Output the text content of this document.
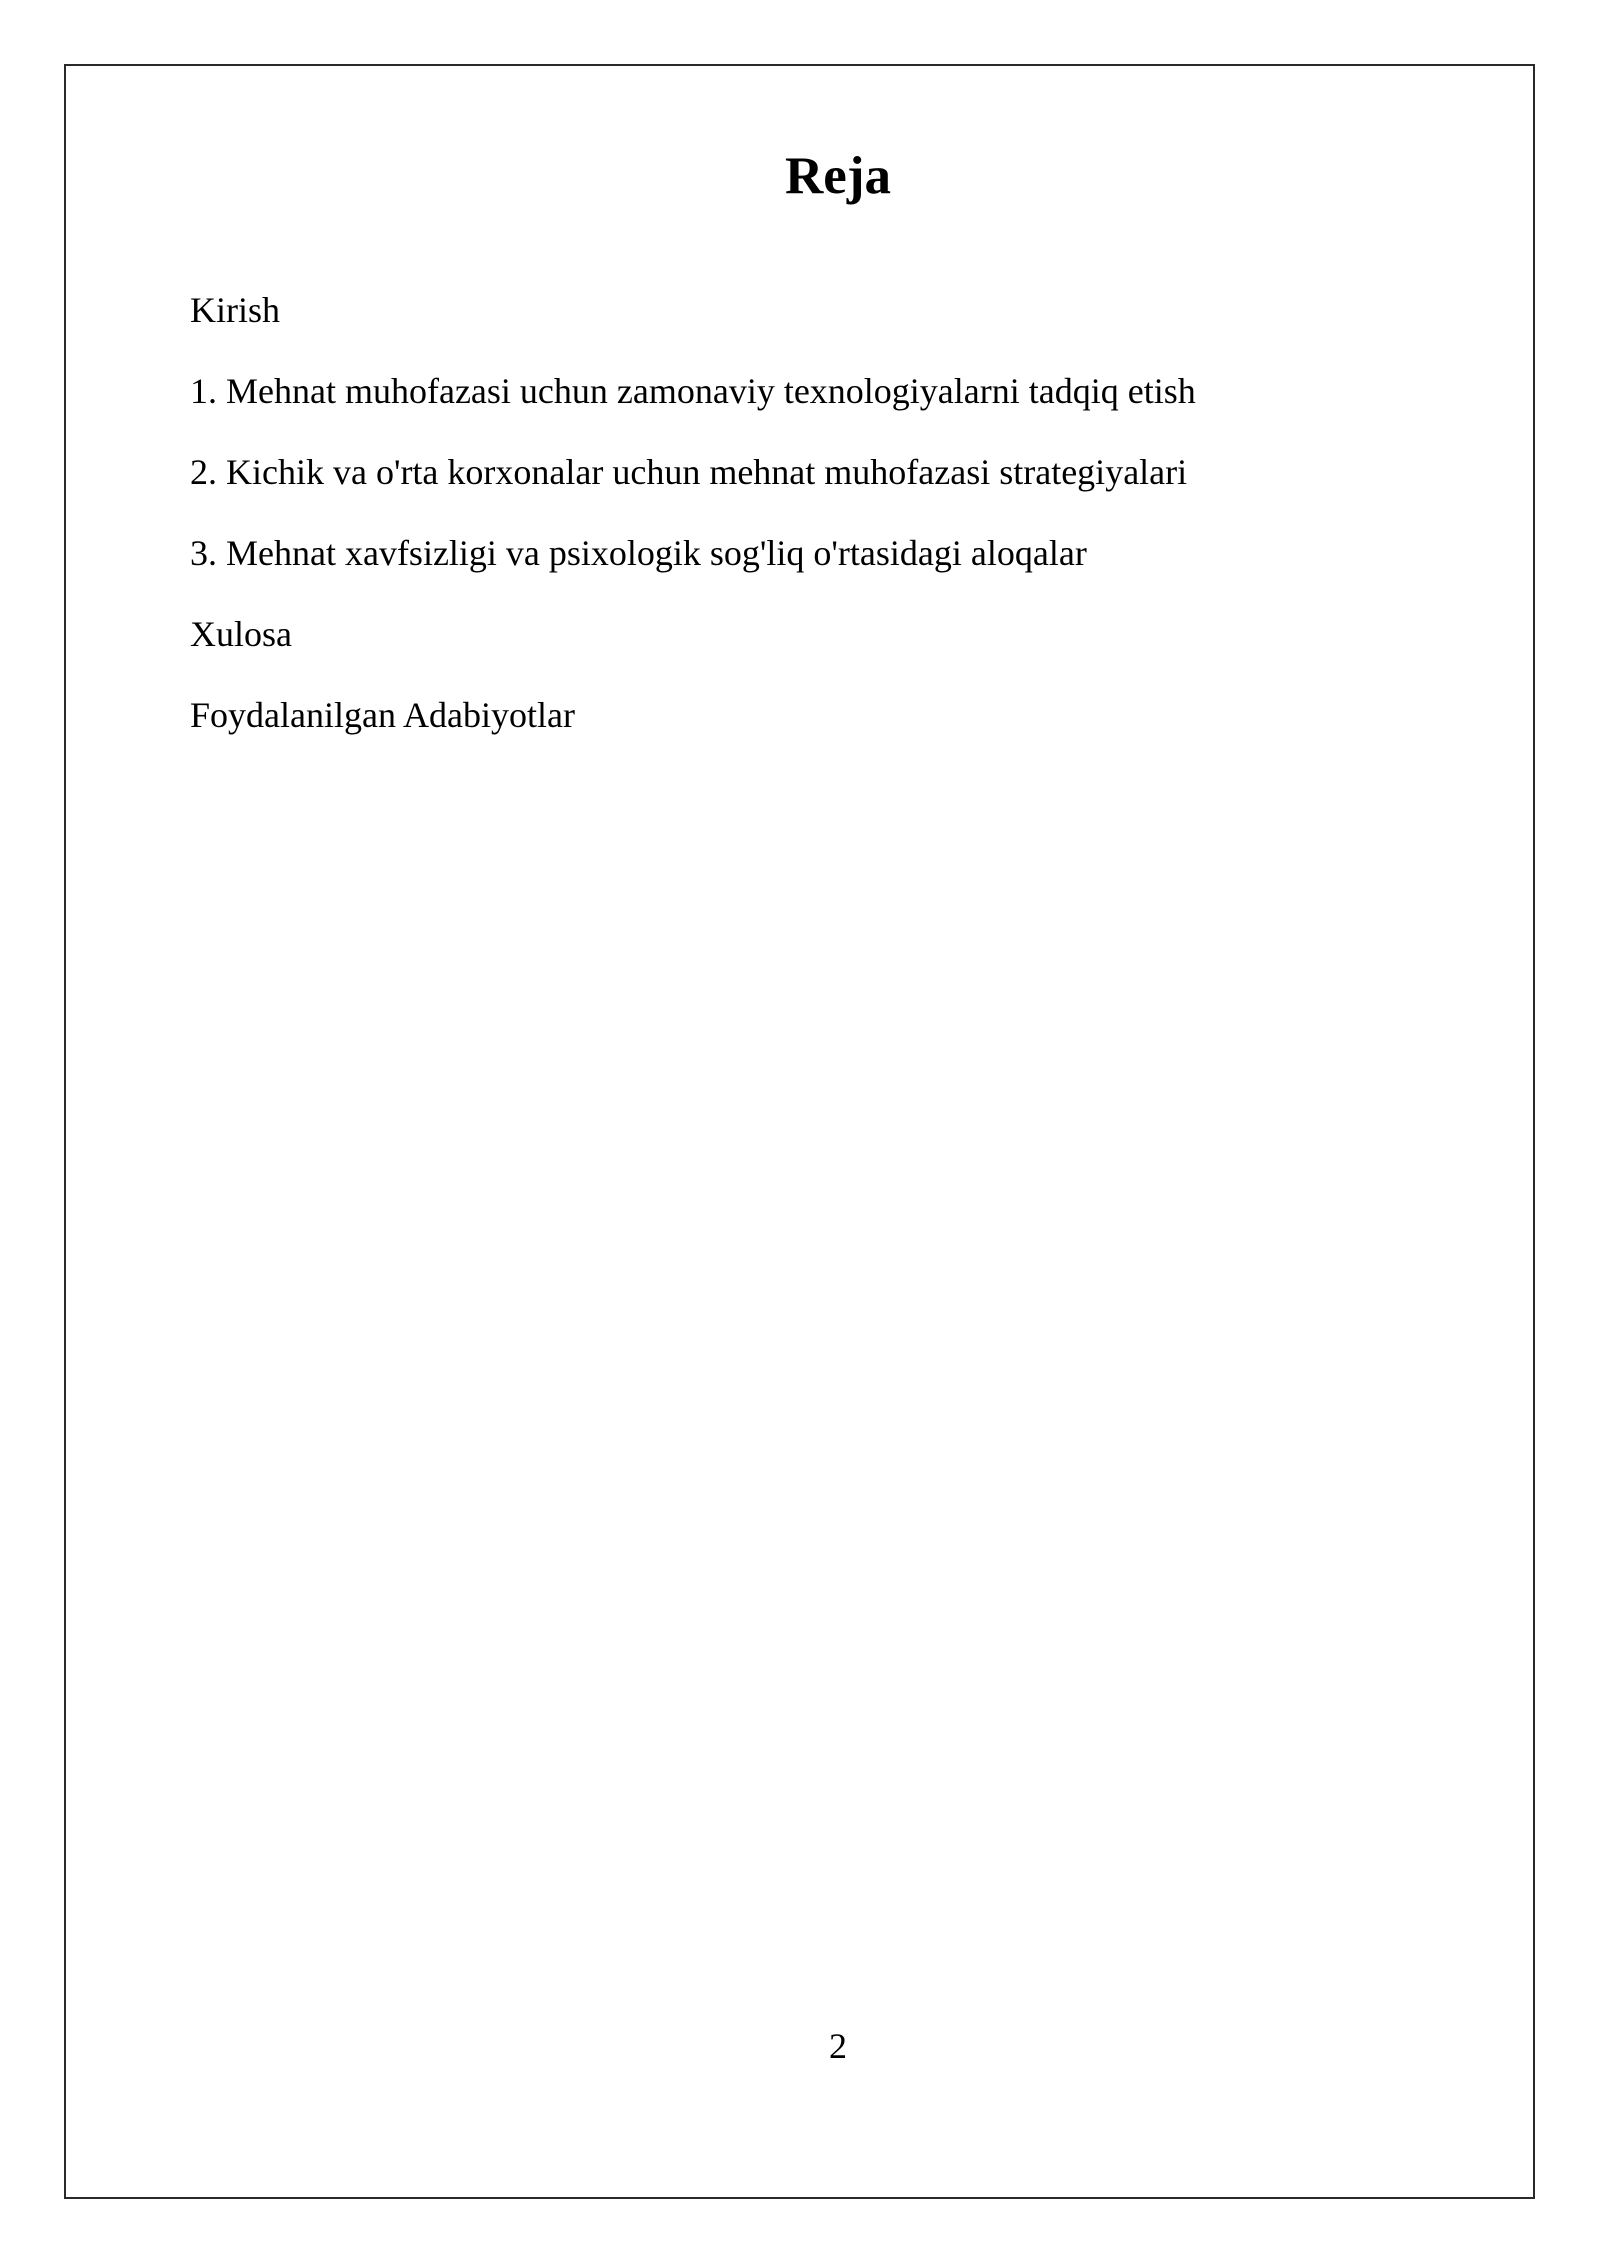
Reja
Kirish
1. Mehnat muhofazasi uchun zamonaviy texnologiyalarni tadqiq etish
2. Kichik va o'rta korxonalar uchun mehnat muhofazasi strategiyalari
3. Mehnat xavfsizligi va psixologik sog'liq o'rtasidagi aloqalar
Xulosa
Foydalanilgan Adabiyotlar
2
